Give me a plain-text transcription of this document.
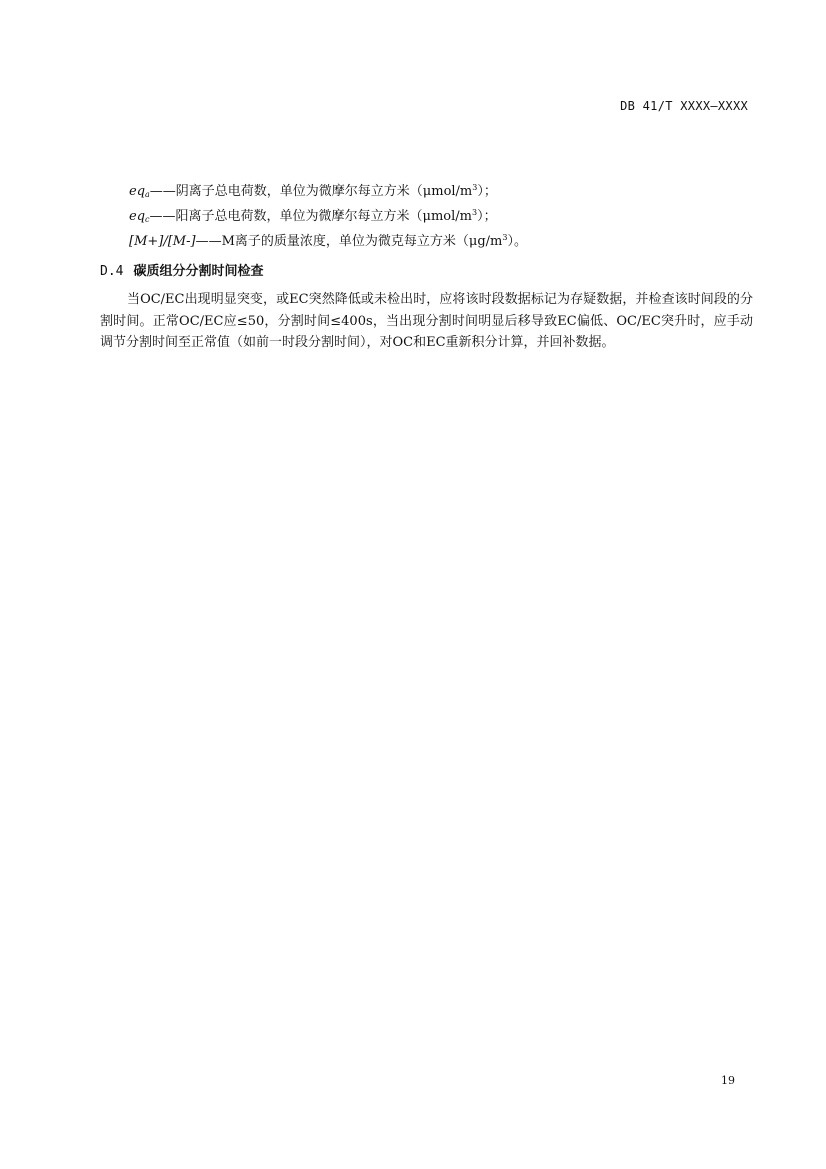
DB 41/T XXXX—XXXX
$eq_a——$阴离子总电荷数，单位为微摩尔每立方米$(\mu mol/m^3)$；
$eq_c——$阳离子总电荷数，单位为微摩尔每立方米$(\mu mol/m^3)$；
[M+]/[M-]——M离子的质量浓度，单位为微克每立方米$(\mu g/m^3)$。
D.4 碳质组分分割时间检查

当OC/EC出现明显突变，或EC突然降低或未检出时，应将该时段数据标记为存疑数据，并检查该时间段的分割时间。正常OC/EC应≤50，分割时间≤400s，当出现分割时间明显后移导致EC偏低、OC/EC突升时，应手动调节分割时间至正常值（如前一时段分割时间），对OC和EC重新积分计算，并回补数据。

19
